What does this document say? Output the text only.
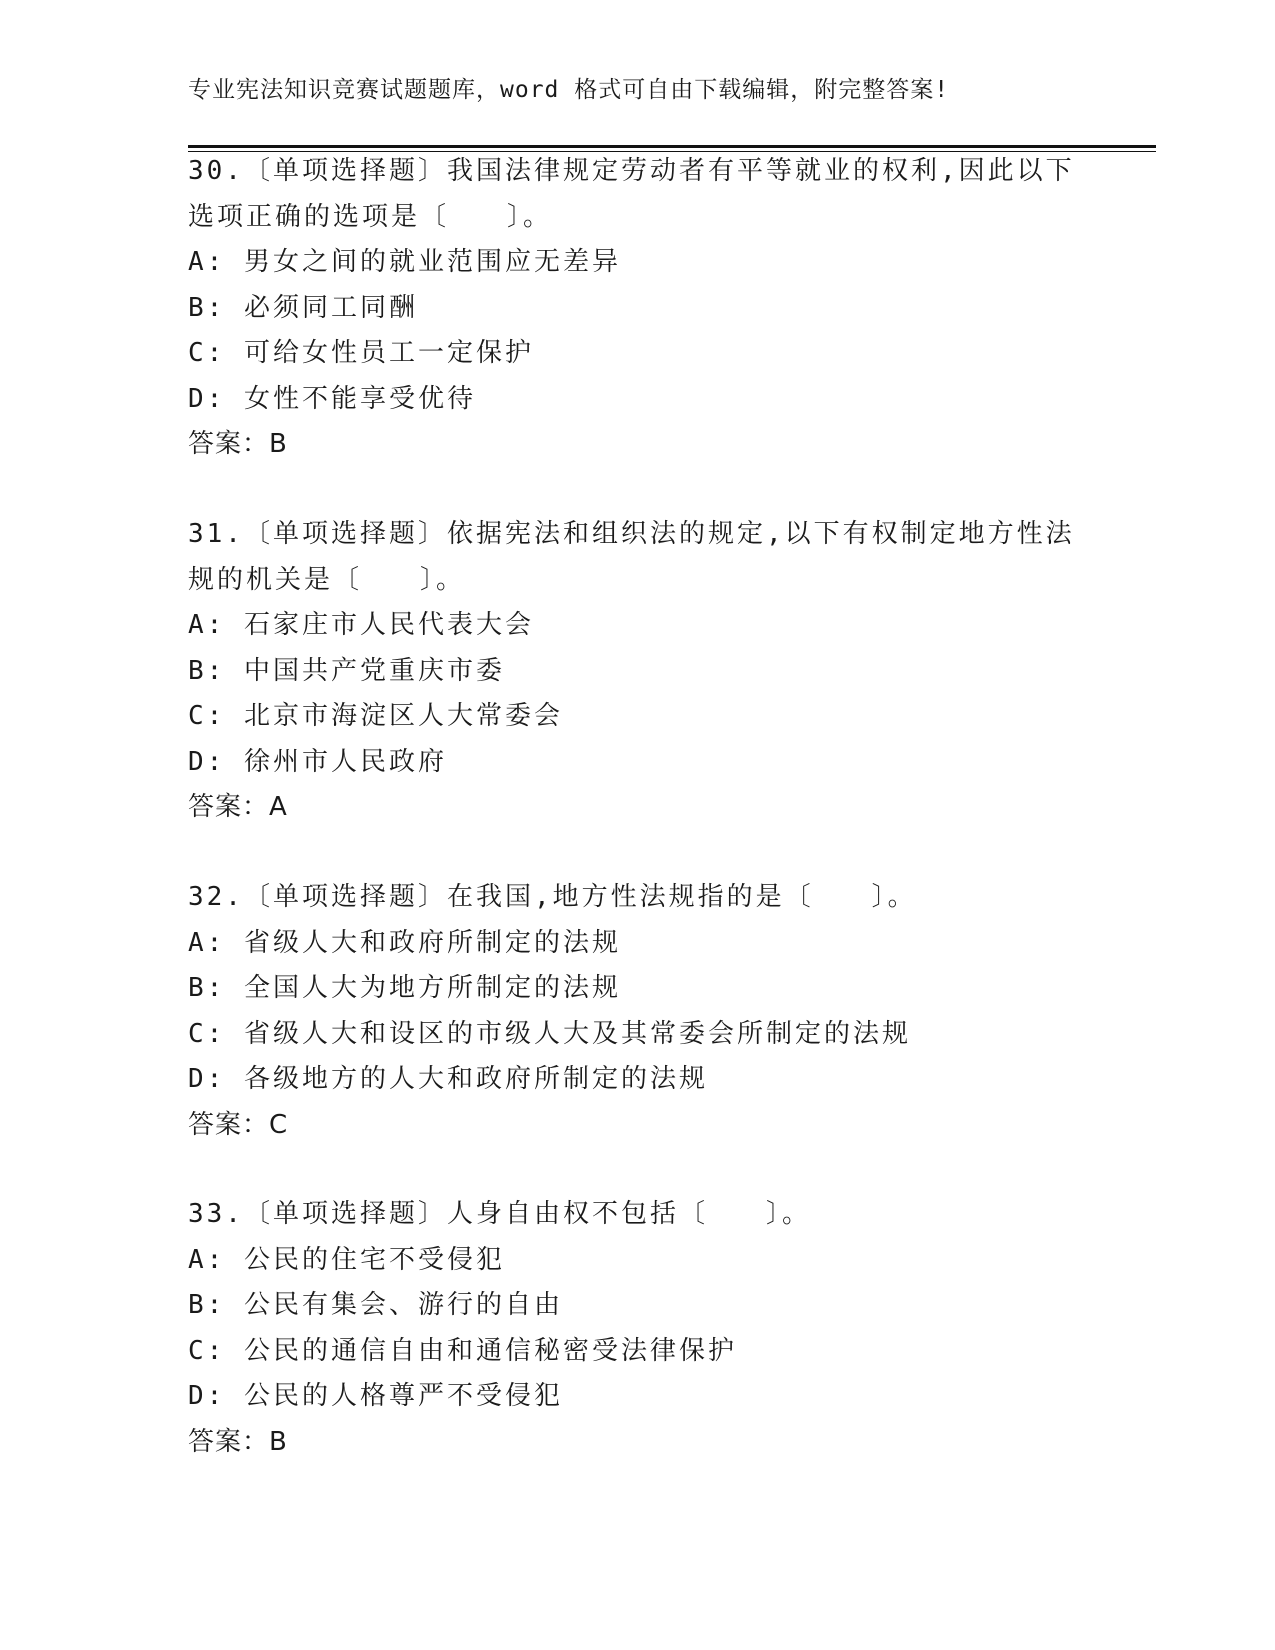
专业宪法知识竞赛试题题库，word 格式可自由下载编辑，附完整答案!
30.〔单项选择题〕我国法律规定劳动者有平等就业的权利,因此以下
选项正确的选项是〔　　〕。
A: 男女之间的就业范围应无差异
B: 必须同工同酬
C: 可给女性员工一定保护
D: 女性不能享受优待
答案：B
31.〔单项选择题〕依据宪法和组织法的规定,以下有权制定地方性法
规的机关是〔　　〕。
A: 石家庄市人民代表大会
B: 中国共产党重庆市委
C: 北京市海淀区人大常委会
D: 徐州市人民政府
答案：A
32.〔单项选择题〕在我国,地方性法规指的是〔　　〕。
A: 省级人大和政府所制定的法规
B: 全国人大为地方所制定的法规
C: 省级人大和设区的市级人大及其常委会所制定的法规
D: 各级地方的人大和政府所制定的法规
答案：C
33.〔单项选择题〕人身自由权不包括〔　　〕。
A: 公民的住宅不受侵犯
B: 公民有集会、游行的自由
C: 公民的通信自由和通信秘密受法律保护
D: 公民的人格尊严不受侵犯
答案：B
